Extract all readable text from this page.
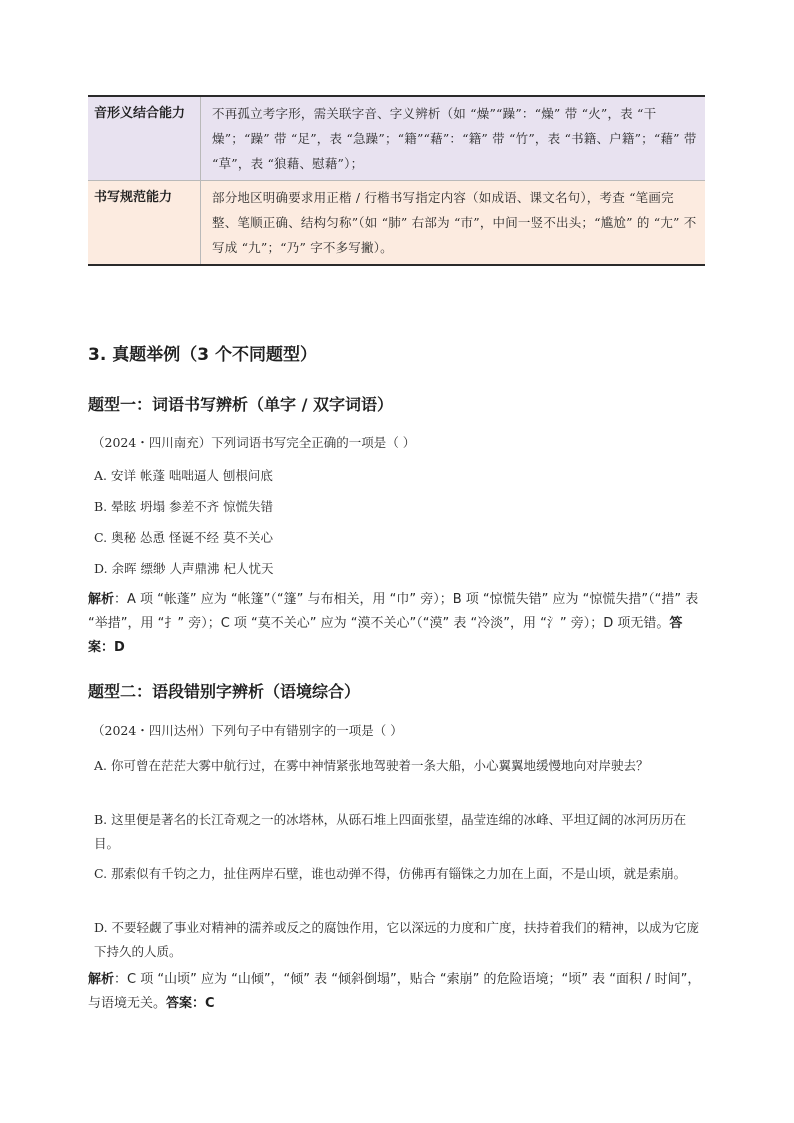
音形义结合能力	不再孤立考字形，需关联字音、字义辨析（如 “燥”“躁”：“燥” 带 “火”，表 “干燥”；“躁” 带 “足”，表 “急躁”；“籍”“藉”：“籍” 带 “竹”，表 “书籍、户籍”；“藉” 带 “草”，表 “狼藉、慰藉”）；
书写规范能力	部分地区明确要求用正楷 / 行楷书写指定内容（如成语、课文名句），考查 “笔画完整、笔顺正确、结构匀称”（如 “肺” 右部为 “巿”，中间一竖不出头；“尴尬” 的 “尢” 不写成 “九”；“乃” 字不多写撇）。
3. 真题举例（3 个不同题型）
题型一：词语书写辨析（单字 / 双字词语）
（2024・四川南充）下列词语书写完全正确的一项是（ ）
A. 安详 帐蓬 咄咄逼人 刨根问底
B. 晕眩 坍塌 参差不齐 惊慌失错
C. 奥秘 怂恿 怪诞不经 莫不关心
D. 余晖 缥缈 人声鼎沸 杞人忧天
解析：A 项 “帐蓬” 应为 “帐篷”（“篷” 与布相关，用 “巾” 旁）；B 项 “惊慌失错” 应为 “惊慌失措”（“措” 表 “举措”，用 “扌” 旁）；C 项 “莫不关心” 应为 “漠不关心”（“漠” 表 “冷淡”，用 “氵” 旁）；D 项无错。答案：D
题型二：语段错别字辨析（语境综合）
（2024・四川达州）下列句子中有错别字的一项是（ ）
A. 你可曾在茫茫大雾中航行过，在雾中神情紧张地驾驶着一条大船，小心翼翼地缓慢地向对岸驶去？
B. 这里便是著名的长江奇观之一的冰塔林，从砾石堆上四面张望，晶莹连绵的冰峰、平坦辽阔的冰河历历在目。
C. 那索似有千钧之力，扯住两岸石壁，谁也动弹不得，仿佛再有锱铢之力加在上面，不是山顷，就是索崩。
D. 不要轻觑了事业对精神的濡养或反之的腐蚀作用，它以深远的力度和广度，扶持着我们的精神，以成为它庞下持久的人质。
解析：C 项 “山顷” 应为 “山倾”，“倾” 表 “倾斜倒塌”，贴合 “索崩” 的危险语境；“顷” 表 “面积 / 时间”，与语境无关。答案：C
